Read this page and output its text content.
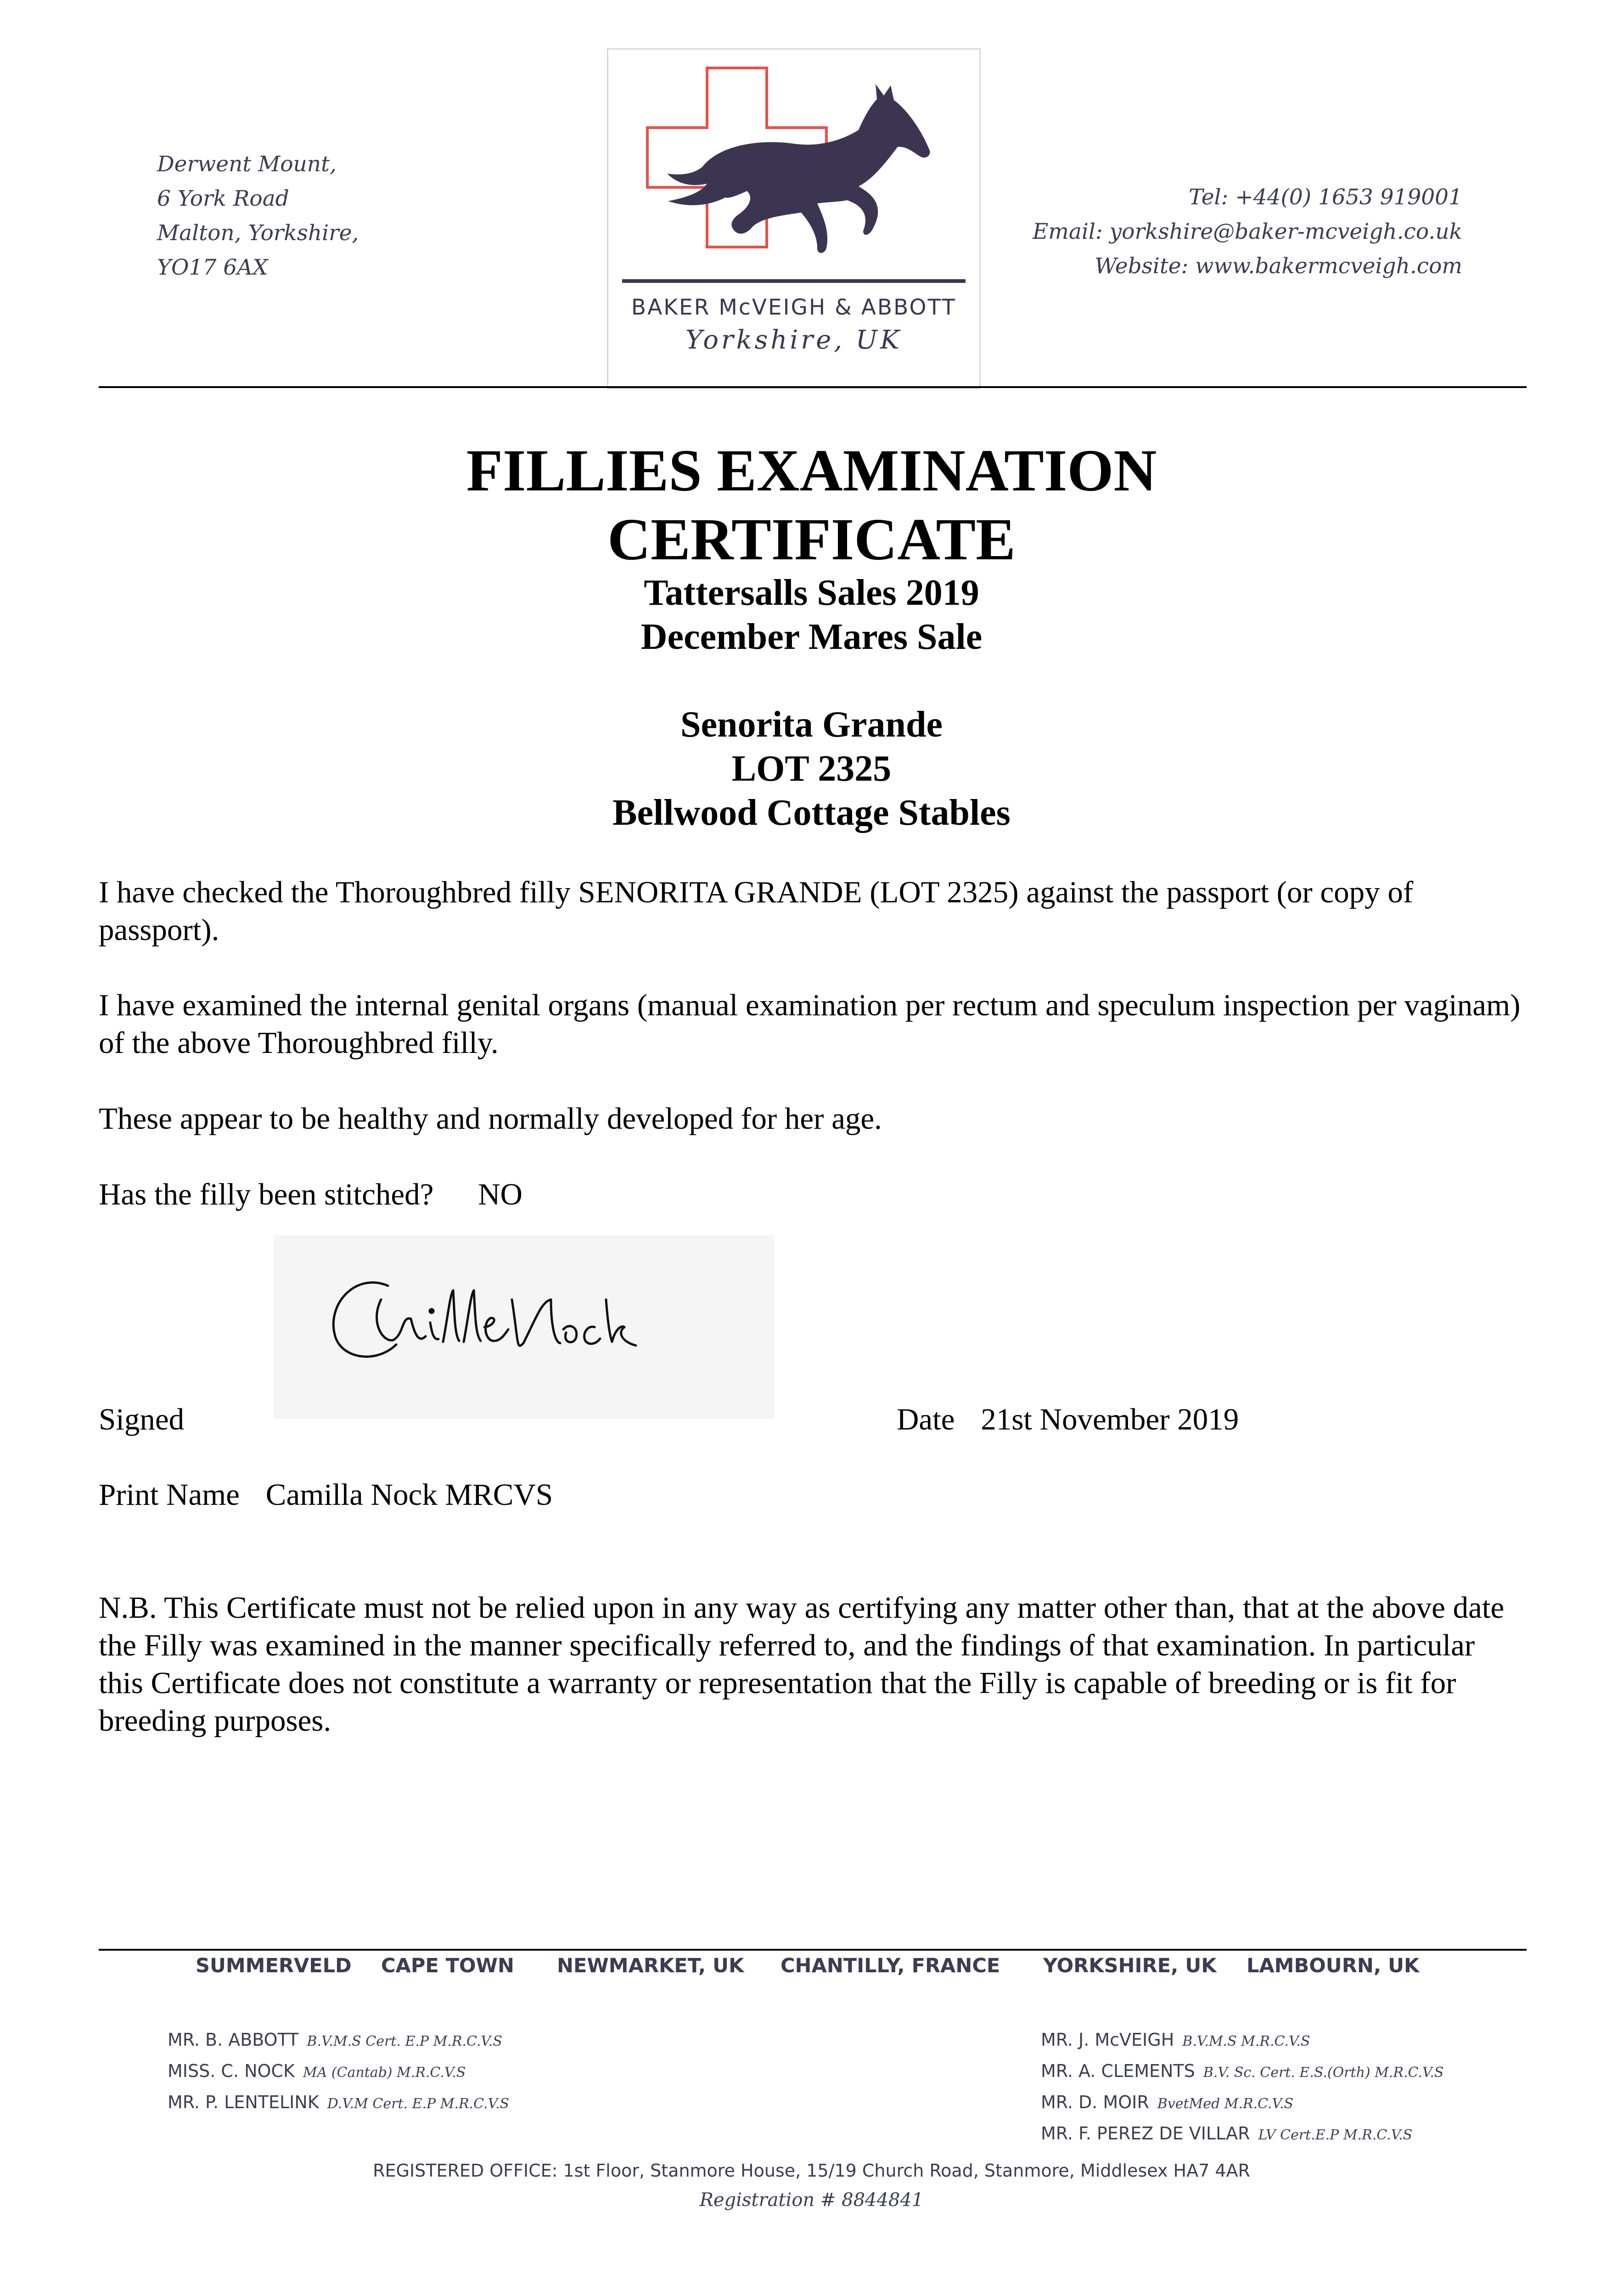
Derwent Mount,
6 York Road
Malton, Yorkshire,
YO17 6AX
BAKER McVEIGH & ABBOTT
Yorkshire, UK
Tel: +44(0) 1653 919001
Email: yorkshire@baker-mcveigh.co.uk
Website: www.bakermcveigh.com
FILLIES EXAMINATION
CERTIFICATE
Tattersalls Sales 2019
December Mares Sale
Senorita Grande
LOT 2325
Bellwood Cottage Stables
I have checked the Thoroughbred filly SENORITA GRANDE (LOT 2325) against the passport (or copy of passport).
I have examined the internal genital organs (manual examination per rectum and speculum inspection per vaginam) of the above Thoroughbred filly.
These appear to be healthy and normally developed for her age.
Has the filly been stitched? NO
Signed	Date 21st November 2019
Print Name Camilla Nock MRCVS
N.B. This Certificate must not be relied upon in any way as certifying any matter other than, that at the above date the Filly was examined in the manner specifically referred to, and the findings of that examination. In particular this Certificate does not constitute a warranty or representation that the Filly is capable of breeding or is fit for breeding purposes.
SUMMERVELD CAPE TOWN NEWMARKET, UK CHANTILLY, FRANCE YORKSHIRE, UK LAMBOURN, UK
MR. B. ABBOTT B.V.M.S Cert. E.P M.R.C.V.S
MISS. C. NOCK MA (Cantab) M.R.C.V.S
MR. P. LENTELINK D.V.M Cert. E.P M.R.C.V.S
MR. J. McVEIGH B.V.M.S M.R.C.V.S
MR. A. CLEMENTS B.V. Sc. Cert. E.S.(Orth) M.R.C.V.S
MR. D. MOIR BvetMed M.R.C.V.S
MR. F. PEREZ DE VILLAR LV Cert.E.P M.R.C.V.S
REGISTERED OFFICE: 1st Floor, Stanmore House, 15/19 Church Road, Stanmore, Middlesex HA7 4AR
Registration # 8844841
